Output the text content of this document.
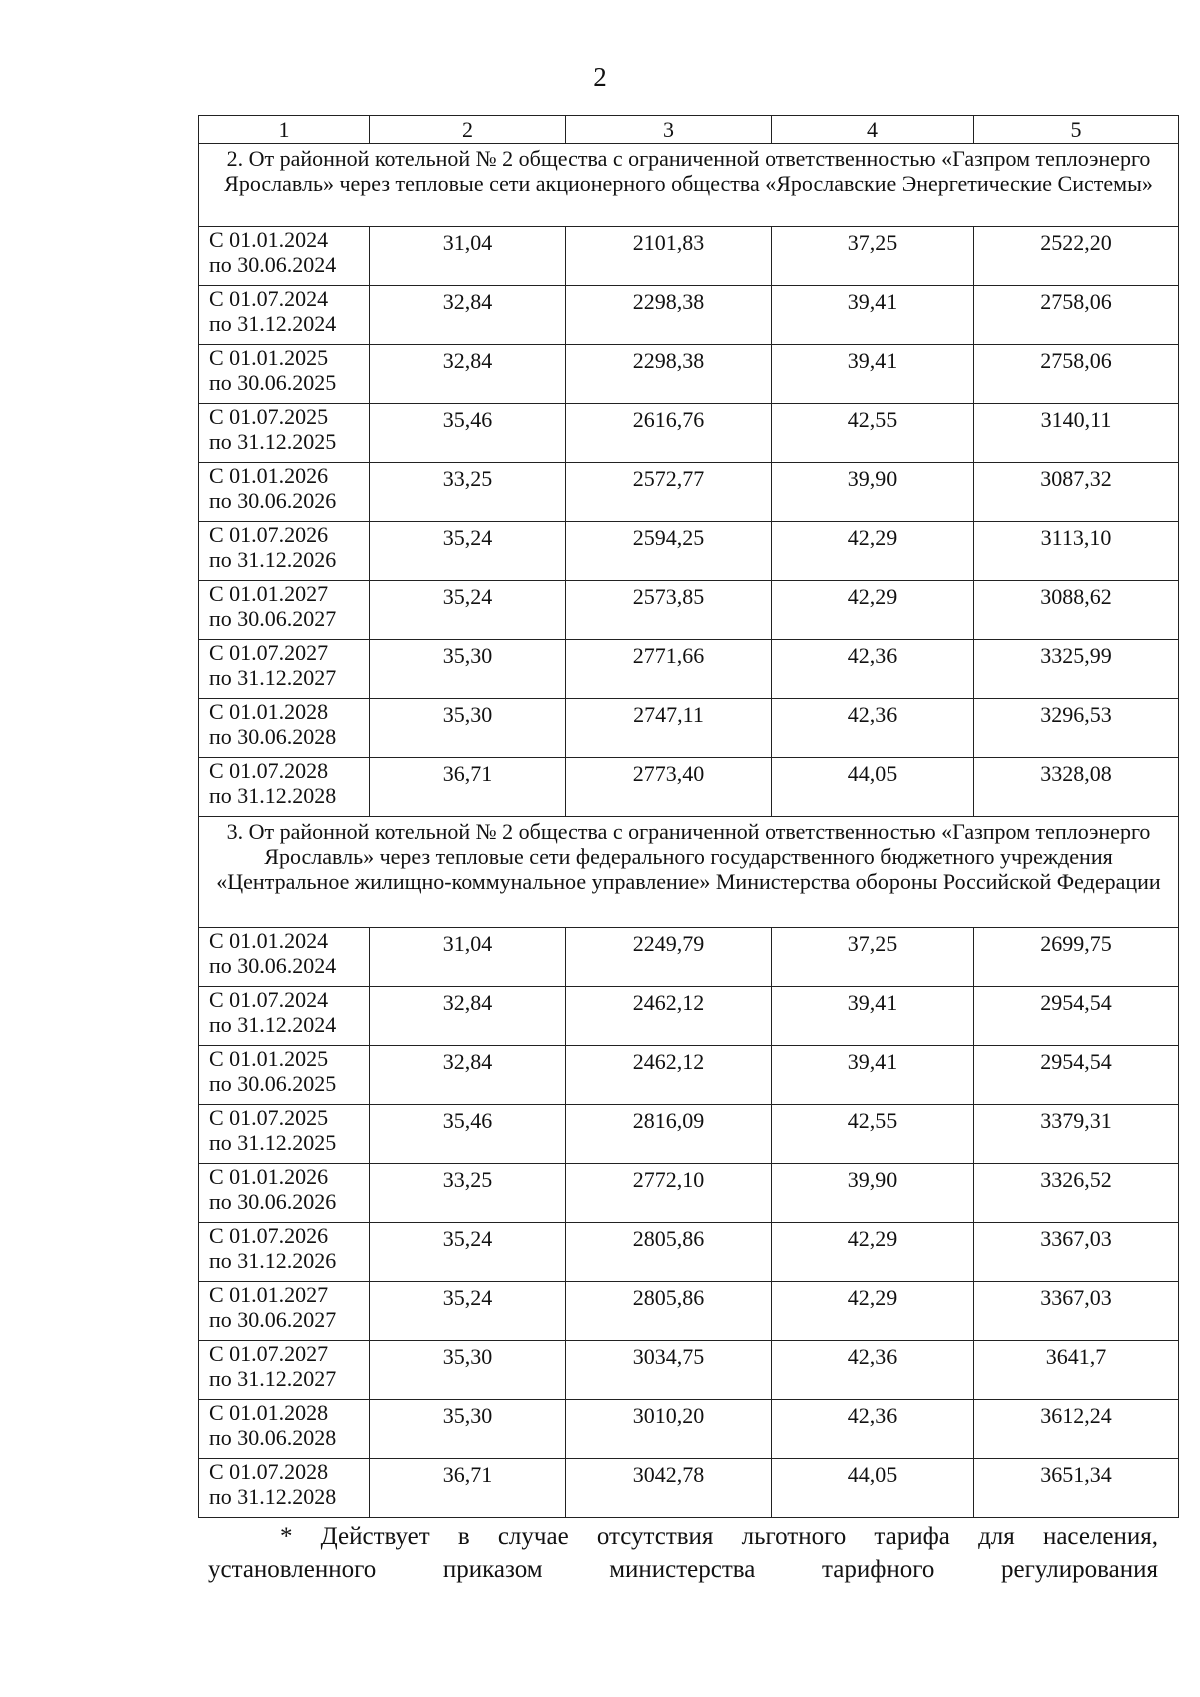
2
1	2	3	4	5
2. От районной котельной № 2 общества с ограниченной ответственностью «Газпром теплоэнерго Ярославль» через тепловые сети акционерного общества «Ярославские Энергетические Системы»				

С 01.01.2024
по 30.06.2024	31,04	2101,83	37,25	2522,20

С 01.07.2024
по 31.12.2024	32,84	2298,38	39,41	2758,06

С 01.01.2025
по 30.06.2025	32,84	2298,38	39,41	2758,06

С 01.07.2025
по 31.12.2025	35,46	2616,76	42,55	3140,11

С 01.01.2026
по 30.06.2026	33,25	2572,77	39,90	3087,32

С 01.07.2026
по 31.12.2026	35,24	2594,25	42,29	3113,10

С 01.01.2027
по 30.06.2027	35,24	2573,85	42,29	3088,62

С 01.07.2027
по 31.12.2027	35,30	2771,66	42,36	3325,99

С 01.01.2028
по 30.06.2028	35,30	2747,11	42,36	3296,53

С 01.07.2028
по 31.12.2028	36,71	2773,40	44,05	3328,08
3. От районной котельной № 2 общества с ограниченной ответственностью «Газпром теплоэнерго Ярославль» через тепловые сети федерального государственного бюджетного учреждения «Центральное жилищно-коммунальное управление» Министерства обороны Российской Федерации				

С 01.01.2024
по 30.06.2024	31,04	2249,79	37,25	2699,75

С 01.07.2024
по 31.12.2024	32,84	2462,12	39,41	2954,54

С 01.01.2025
по 30.06.2025	32,84	2462,12	39,41	2954,54

С 01.07.2025
по 31.12.2025	35,46	2816,09	42,55	3379,31

С 01.01.2026
по 30.06.2026	33,25	2772,10	39,90	3326,52

С 01.07.2026
по 31.12.2026	35,24	2805,86	42,29	3367,03

С 01.01.2027
по 30.06.2027	35,24	2805,86	42,29	3367,03

С 01.07.2027
по 31.12.2027	35,30	3034,75	42,36	3641,7

С 01.01.2028
по 30.06.2028	35,30	3010,20	42,36	3612,24

С 01.07.2028
по 31.12.2028	36,71	3042,78	44,05	3651,34
* Действует в случае отсутствия льготного тарифа для населения,
установленного приказом министерства тарифного регулирования
